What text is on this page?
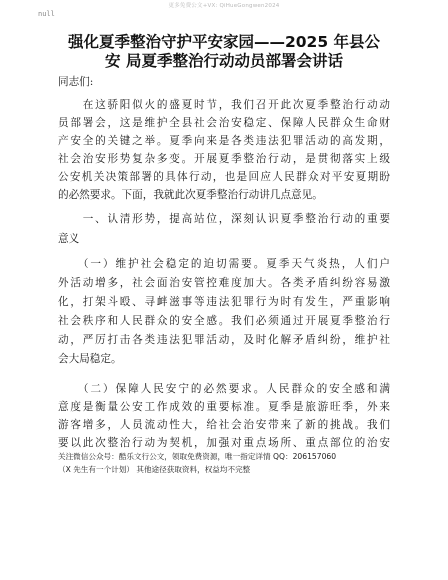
更多免费公文+VX: QiHueGongwen2024
null
强化夏季整治守护平安家园——2025 年县公
安 局夏季整治行动动员部署会讲话
同志们:
　　在这骄阳似火的盛夏时节，我们召开此次夏季整治行动动
员部署会，这是维护全县社会治安稳定、保障人民群众生命财
产安全的关键之举。夏季向来是各类违法犯罪活动的高发期，
社会治安形势复杂多变。开展夏季整治行动，是贯彻落实上级
公安机关决策部署的具体行动，也是回应人民群众对平安夏期盼
的必然要求。下面，我就此次夏季整治行动讲几点意见。
　　一、认清形势，提高站位，深刻认识夏季整治行动的重要
意义
　　（一）维护社会稳定的迫切需要。夏季天气炎热，人们户
外活动增多，社会面治安管控难度加大。各类矛盾纠纷容易激
化，打架斗殴、寻衅滋事等违法犯罪行为时有发生，严重影响
社会秩序和人民群众的安全感。我们必须通过开展夏季整治行
动，严厉打击各类违法犯罪活动，及时化解矛盾纠纷，维护社
会大局稳定。
　　（二）保障人民安宁的必然要求。人民群众的安全感和满
意度是衡量公安工作成效的重要标准。夏季是旅游旺季，外来
游客增多，人员流动性大，给社会治安带来了新的挑战。我们
要以此次整治行动为契机，加强对重点场所、重点部位的治安
关注微信公众号：酷乐文行公文，领取免费资源，唯一指定详情 QQ：206157060
（X 先生有一个计划） 其他途径获取资料，权益均不完整
